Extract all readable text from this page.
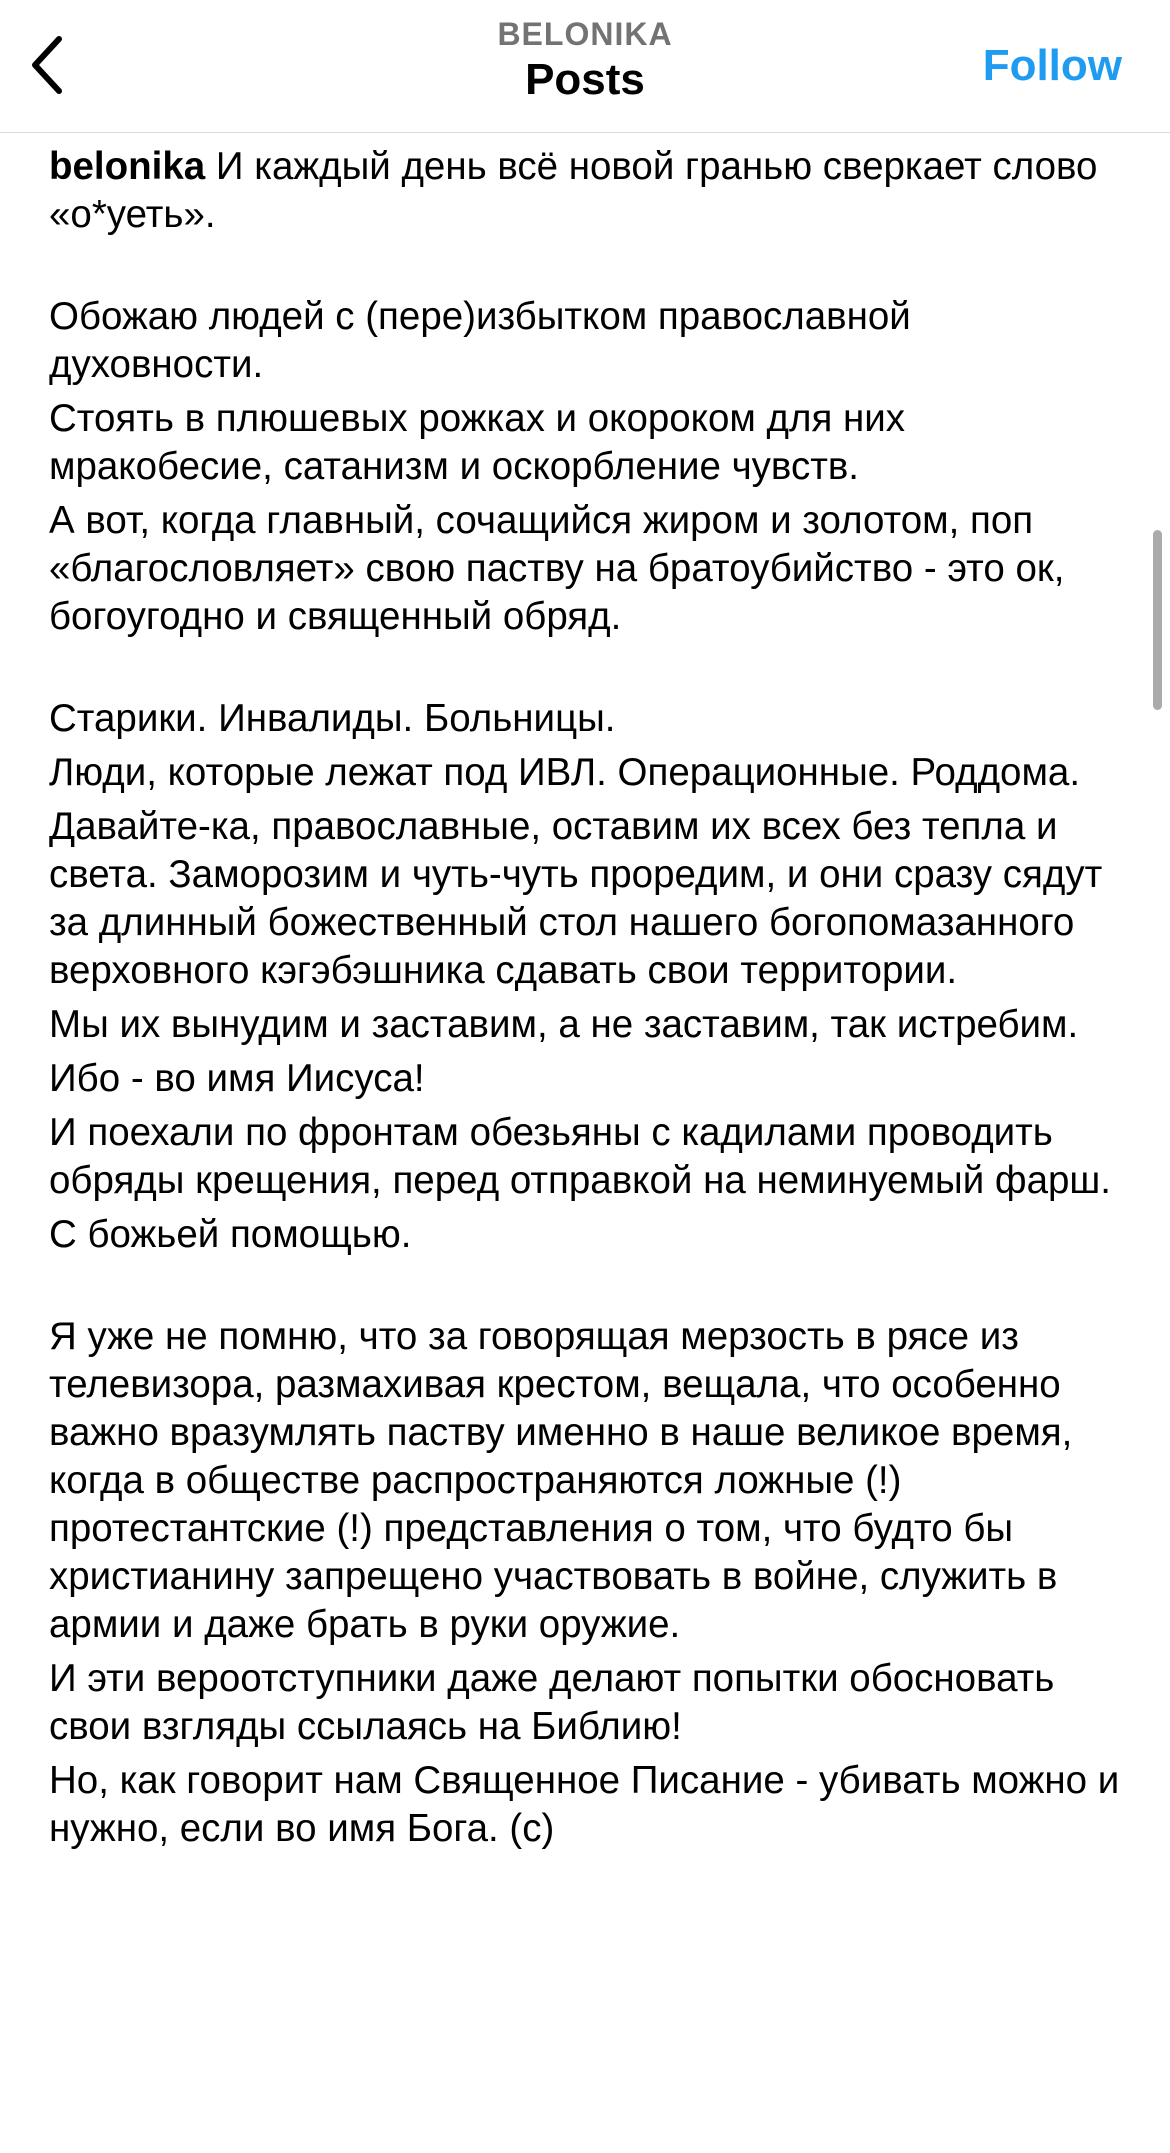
BELONIKA
Posts	Follow

belonika И каждый день всё новой гранью сверкает слово «о*уеть».

Обожаю людей с (пере)избытком православной духовности.

Стоять в плюшевых рожках и окороком для них мракобесие, сатанизм и оскорбление чувств.

А вот, когда главный, сочащийся жиром и золотом, поп «благословляет» свою паству на братоубийство - это ок, богоугодно и священный обряд.

Старики. Инвалиды. Больницы.

Люди, которые лежат под ИВЛ. Операционные. Роддома.

Давайте-ка, православные, оставим их всех без тепла и света. Заморозим и чуть-чуть проредим, и они сразу сядут за длинный божественный стол нашего богопомазанного верховного кэгэбэшника сдавать свои территории.

Мы их вынудим и заставим, а не заставим, так истребим.

Ибо - во имя Иисуса!

И поехали по фронтам обезьяны с кадилами проводить обряды крещения, перед отправкой на неминуемый фарш.

С божьей помощью.

Я уже не помню, что за говорящая мерзость в рясе из телевизора, размахивая крестом, вещала, что особенно важно вразумлять паству именно в наше великое время, когда в обществе распространяются ложные (!) протестантские (!) представления о том, что будто бы христианину запрещено участвовать в войне, служить в армии и даже брать в руки оружие.

И эти вероотступники даже делают попытки обосновать свои взгляды ссылаясь на Библию!

Но, как говорит нам Священное Писание - убивать можно и нужно, если во имя Бога. (с)
